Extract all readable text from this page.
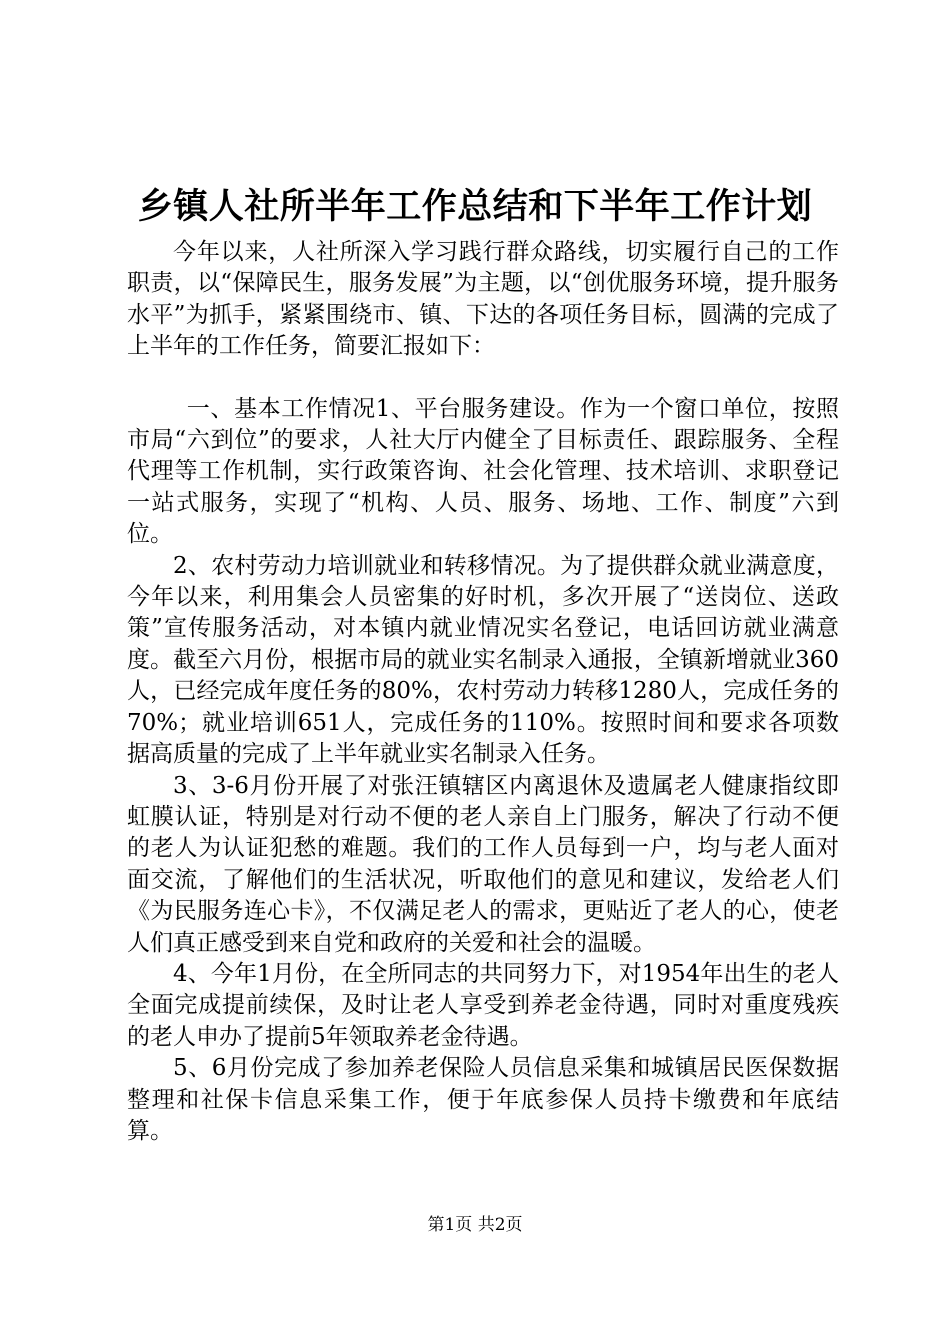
乡镇人社所半年工作总结和下半年工作计划

今年以来，人社所深入学习践行群众路线，切实履行自己的工作职责，以“保障民生，服务发展”为主题，以“创优服务环境，提升服务水平”为抓手，紧紧围绕市、镇、下达的各项任务目标，圆满的完成了上半年的工作任务，简要汇报如下：

一、基本工作情况1、平台服务建设。作为一个窗口单位，按照市局“六到位”的要求，人社大厅内健全了目标责任、跟踪服务、全程代理等工作机制，实行政策咨询、社会化管理、技术培训、求职登记一站式服务，实现了“机构、人员、服务、场地、工作、制度”六到位。

2、农村劳动力培训就业和转移情况。为了提供群众就业满意度，今年以来，利用集会人员密集的好时机，多次开展了“送岗位、送政策”宣传服务活动，对本镇内就业情况实名登记，电话回访就业满意度。截至六月份，根据市局的就业实名制录入通报，全镇新增就业360人，已经完成年度任务的80%，农村劳动力转移1280人，完成任务的70%；就业培训651人，完成任务的110%。按照时间和要求各项数据高质量的完成了上半年就业实名制录入任务。

3、3-6月份开展了对张汪镇辖区内离退休及遗属老人健康指纹即虹膜认证，特别是对行动不便的老人亲自上门服务，解决了行动不便的老人为认证犯愁的难题。我们的工作人员每到一户，均与老人面对面交流，了解他们的生活状况，听取他们的意见和建议，发给老人们《为民服务连心卡》，不仅满足老人的需求，更贴近了老人的心，使老人们真正感受到来自党和政府的关爱和社会的温暖。

4、今年1月份，在全所同志的共同努力下，对1954年出生的老人全面完成提前续保，及时让老人享受到养老金待遇，同时对重度残疾的老人申办了提前5年领取养老金待遇。

5、6月份完成了参加养老保险人员信息采集和城镇居民医保数据整理和社保卡信息采集工作，便于年底参保人员持卡缴费和年底结算。

第1页 共2页
